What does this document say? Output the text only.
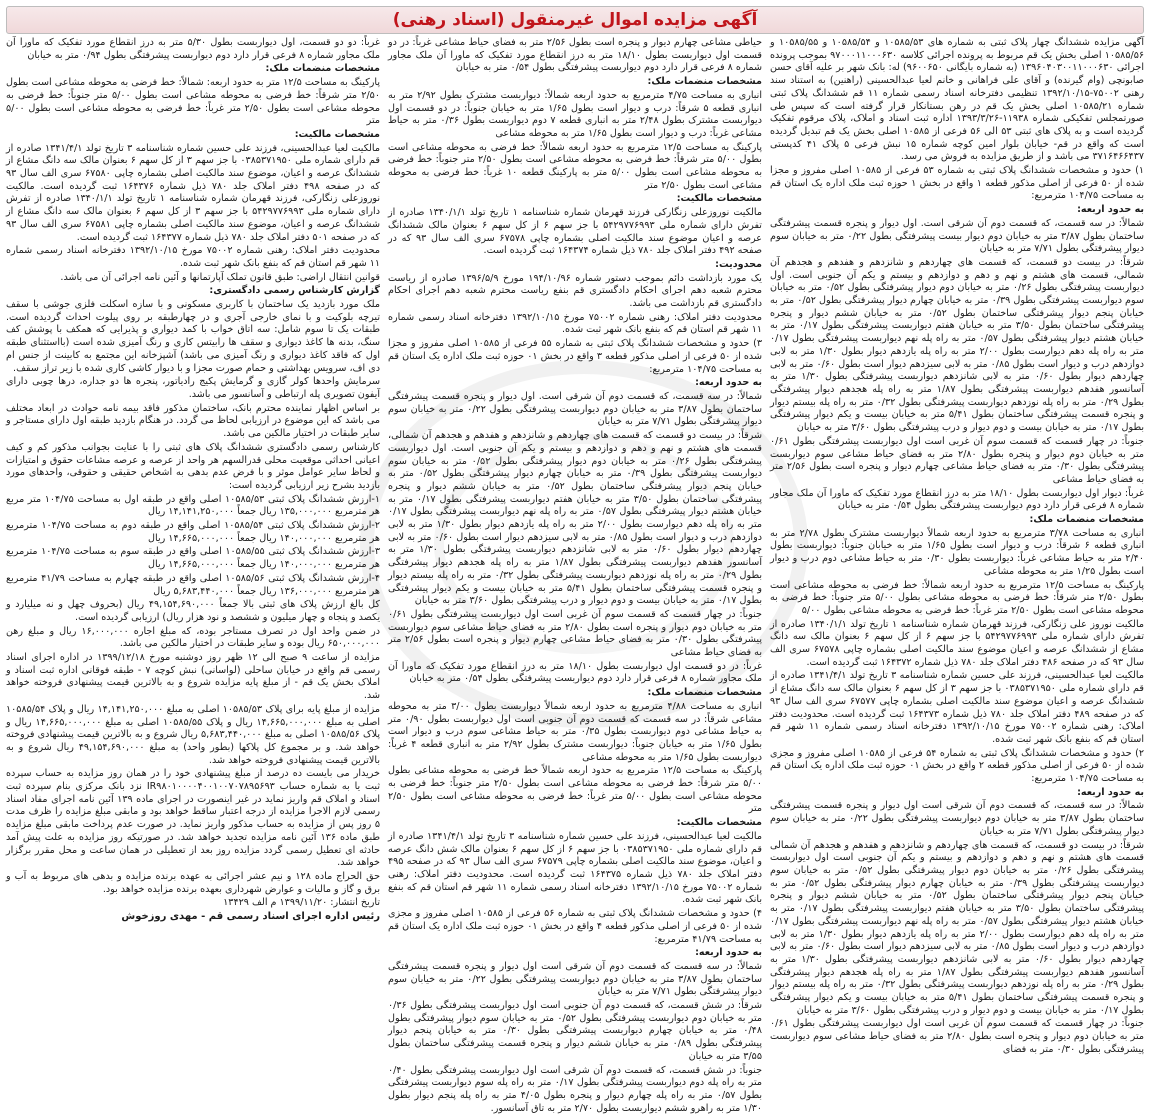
آگهی مزایده اموال غیرمنقول (اسناد رهنی)

آگهی مزایده ششدانگ چهار پلاک ثبتی به شماره های ۱۰۵۸۵/۵۳ و ۱۰۵۸۵/۵۴ و ۱۰۵۸۵/۵۵ و ۱۰۵۸۵/۵۶ اصلی بخش یک قم مربوط به پرونده اجرائی کلاسه ۹۷۰۰۰۱۱۰۰۰۶۳۰ بموجب پرونده اجرائی ۱۳۹۶۰۴۰۳۰۰۱۱۰۰۰۶۳۰ (به شماره بایگانی ۹۶۰۰۶۵۰) له: بانک شهر بر علیه آقای حسن صابونچی (وام گیرنده) و آقای علی فراهانی و خانم لعیا عبدالحسینی (راهنین) به استناد سند رهنی ۷۵۰۰۲-۱۳۹۲/۱۰/۱۵ تنظیمی دفترخانه اسناد رسمی شماره ۱۱ قم ششدانگ پلاک ثبتی شماره ۱۰۵۸۵/۲۱ اصلی بخش یک قم در رهن بستانکار قرار گرفته است که سپس طی صورتمجلس تفکیکی شماره ۱۱۹۳۸-۱۳۹۳/۳/۲۶ اداره ثبت اسناد و املاک، پلاک مرقوم تفکیک گردیده است و به پلاک های ثبتی ۵۳ الی ۵۶ فرعی از ۱۰۵۸۵ اصلی بخش یک قم تبدیل گردیده است که واقع در قم- خیابان بلوار امین کوچه شماره ۱۵ نبش فرعی ۵ پلاک ۴۱ کدپستی ۳۷۱۶۴۶۶۴۳۷ می باشد و از طریق مزایده به فروش می رسد.

۱) حدود و مشخصات ششدانگ پلاک ثبتی به شماره ۵۳ فرعی از ۱۰۵۸۵ اصلی مفروز و مجزا شده از ۵۰ فرعی از اصلی مذکور قطعه ۱ واقع در بخش ۱ حوزه ثبت ملک اداره یک استان قم به مساحت ۱۰۴/۷۵ مترمربع:

به حدود اربعه:

شمالاً: در سه قسمت، که قسمت دوم آن شرقی است. اول دیوار و پنجره قسمت پیشرفتگی ساختمان بطول ۳/۸۷ متر به خیابان دوم دیوار بیست پیشرفتگی بطول ۰/۲۲ متر به خیابان سوم دیوار پیشرفتگی بطول ۷/۷۱ متر به خیابان

شرقاً: در بیست دو قسمت، که قسمت های چهاردهم و شانزدهم و هفدهم و هجدهم آن شمالی، قسمت های هشتم و نهم و دهم و دوازدهم و بیستم و یکم آن جنوبی است. اول دیواربست پیشرفتگی بطول ۰/۲۶ متر به خیابان دوم دیوار پیشرفتگی بطول ۰/۵۲ متر به خیابان سوم دیواربست پیشرفتگی بطول ۰/۳۹ متر به خیابان چهارم دیوار پیشرفتگی بطول ۰/۵۲ متر به خیابان پنجم دیوار پیشرفتگی ساختمان بطول ۰/۵۲ متر به خیابان ششم دیوار و پنجره پیشرفتگی ساختمان بطول ۳/۵۰ متر به خیابان هفتم دیواربست پیشرفتگی بطول ۰/۱۷ متر به خیابان هشتم دیوار پیشرفتگی بطول ۰/۵۷ متر به راه پله نهم دیواربست پیشرفتگی بطول ۰/۱۷ متر به راه پله دهم دیوارست بطول ۲/۰۰ متر به راه پله یازدهم دیوار بطول ۱/۳۰ متر به لابی دوازدهم درب و دیوار است بطول ۰/۸۵ متر به لابی سیزدهم دیوار است بطول ۰/۶۰ متر به لابی چهاردهم دیوار بطول ۰/۶۰ متر به لابی شانزدهم دیواربست پیشرفتگی بطول ۱/۳۰ متر به آسانسور هفدهم دیواربست پیشرفتگی بطول ۱/۸۷ متر به راه پله هجدهم دیوار پیشرفتگی بطول ۰/۲۹ متر به راه پله نوزدهم دیواربست پیشرفتگی بطول ۰/۳۲ متر به راه پله بیستم دیوار و پنجره قسمت پیشرفتگی ساختمان بطول ۵/۴۱ متر به خیابان بیست و یکم دیوار پیشرفتگی بطول ۰/۱۷ متر به خیابان بیست و دوم دیوار و درب پیشرفتگی بطول ۳/۶۰ متر به خیابان

جنوباً: در چهار قسمت که قسمت سوم آن غربی است اول دیواربست پیشرفتگی بطول ۰/۶۱ متر به خیابان دوم دیوار و پنجره بطول ۲/۸۰ متر به فضای حیاط مشاعی سوم دیواربست پیشرفتگی بطول ۰/۳۰ متر به فضای حیاط مشاعی چهارم دیوار و پنجره است بطول ۲/۵۶ متر به فضای حیاط مشاعی

غرباً: دیوار اول دیواربست بطول ۱۸/۱۰ متر به درز انقطاع مورد تفکیک که ماورا آن ملک مجاور شماره ۸ فرعی قرار دارد دوم دیواربست پیشرفتگی بطول ۰/۵۴ متر به خیابان

مشخصات منضمات ملک:

انباری به مساحت ۳/۷۸ مترمربع به حدود اربعه شمالاً دیواربست مشترک بطول ۲/۷۸ متر به انباری قطعه ۶ شرقاً: درب و دیوار است بطول ۱/۶۵ متر به خیابان جنوباً: دیواربست بطول ۲/۴۰ متر به حیاط مشاعی غرباً: دیواربست بطول ۰/۳۰ متر به حیاط مشاعی دوم درب و دیوار است بطول ۱/۲۵ متر به محوطه مشاعی

پارکینگ به مساحت ۱۲/۵ مترمربع به حدود اربعه شمالاً: خط فرضی به محوطه مشاعی است بطول ۲/۵۰ متر شرقاً: خط فرضی به محوطه مشاعی بطول ۵/۰۰ متر جنوباً: خط فرضی به محوطه مشاعی است بطول ۲/۵۰ متر غرباً: خط فرضی به محوطه مشاعی بطول ۵/۰۰

مالکیت نوروز علی زنگارکی، فرزند قهرمان شماره شناسنامه ۱ تاریخ تولد ۱۳۴۰/۱/۱ صادره از تفرش دارای شماره ملی ۵۴۲۹۷۷۶۹۹۳ با جز سهم ۶ از کل سهم ۶ بعنوان مالک سه دانگ مشاع از ششدانگ عرصه و اعیان موضوع سند مالکیت اصلی بشماره چاپی ۶۷۵۷۸ سری الف سال ۹۳ که در صفحه ۴۸۶ دفتر املاک جلد ۷۸۰ ذیل شماره ۱۶۴۳۷۲ ثبت گردیده است.

مالکیت لعیا عبدالحسینی، فرزند علی حسین شماره شناسنامه ۳ تاریخ تولد ۱۳۴۱/۴/۱ صادره از قم دارای شماره ملی ۰۳۸۵۳۷۱۹۵۰ با جز سهم ۳ از کل سهم ۶ بعنوان مالک سه دانگ مشاع از ششدانگ عرصه و اعیان موضوع سند مالکیت اصلی بشماره چاپی ۶۷۵۷۷ سری الف سال ۹۳ که در صفحه ۴۸۹ دفتر املاک جلد ۷۸۰ ذیل شماره ۱۶۴۳۷۳ ثبت گردیده است. محدودیت دفتر املاک: رهنی شماره ۷۵۰۰۲ مورخ ۱۳۹۲/۱۰/۱۵ دفترخانه اسناد رسمی شماره ۱۱ شهر قم استان قم که بنفع بانک شهر ثبت شده.

۲) حدود و مشخصات ششدانگ پلاک ثبتی به شماره ۵۴ فرعی از ۱۰۵۸۵ اصلی مفروز و مجزی شده از ۵۰ فرعی از اصلی مذکور قطعه ۲ واقع در بخش ۰۱ حوزه ثبت ملک اداره یک استان قم به مساحت ۱۰۴/۷۵ مترمربع:

به حدود اربعه:

شمالاً: در سه قسمت، که قسمت دوم آن شرقی است اول دیوار و پنجره قسمت پیشرفتگی ساختمان بطول ۳/۸۷ متر به خیابان دوم دیواربست پیشرفتگی بطول ۰/۲۲ متر به خیابان سوم دیوار پیشرفتگی بطول ۷/۷۱ متر به خیابان

شرقاً: در بیست دو قسمت، که قسمت های چهاردهم و شانزدهم و هفدهم و هجدهم آن شمالی قسمت های هشتم و نهم و دهم و دوازدهم و بیستم و یکم آن جنوبی است اول دیواربست پیشرفتگی بطول ۰/۲۶ متر به خیابان دوم دیوار پیشرفتگی بطول ۰/۵۲ متر به خیابان سوم دیواربست پیشرفتگی بطول ۰/۳۹ متر به خیابان چهارم دیوار پیشرفتگی بطول ۰/۵۲ متر به خیابان پنجم دیوار پیشرفتگی ساختمان بطول ۰/۵۲ متر به خیابان ششم دیوار و پنجره پیشرفتگی ساختمان بطول ۳/۵۰ متر به خیابان هفتم دیواربست پیشرفتگی بطول ۰/۱۷ متر به خیابان هشتم دیوار پیشرفتگی بطول ۰/۵۷ متر به راه پله نهم دیواربست پیشرفتگی بطول ۰/۱۷ متر به راه پله دهم دیوارست بطول ۲/۰۰ متر به راه پله یازدهم دیوار بطول ۱/۳۰ متر به لابی دوازدهم درب و دیوار است بطول ۰/۸۵ متر به لابی سیزدهم دیوار است بطول ۰/۶۰ متر به لابی چهاردهم دیوار بطول ۰/۶۰ متر به لابی شانزدهم دیواربست پیشرفتگی بطول ۱/۳۰ متر به آسانسور هفدهم دیواربست پیشرفتگی بطول ۱/۸۷ متر به راه پله هجدهم دیوار پیشرفتگی بطول ۰/۲۹ متر به راه پله نوزدهم دیواربست پیشرفتگی بطول ۰/۳۲ متر به راه پله بیستم دیوار و پنجره قسمت پیشرفتگی ساختمان بطول ۵/۴۱ متر به خیابان بیست و یکم دیوار پیشرفتگی بطول ۰/۱۷ متر به خیابان بیست و دوم دیوار و درب پیشرفتگی بطول ۳/۶۰ متر به خیابان

جنوباً: در چهار قسمت که قسمت سوم آن غربی است اول دیواربست پیشرفتگی بطول ۰/۶۱ متر به خیابان دوم دیوار و پنجره است بطول ۲/۸۰ متر به فضای حیاط مشاعی سوم دیواربست پیشرفتگی بطول ۰/۳۰ متر به فضای

حیاطی مشاعی چهارم دیوار و پنجره است بطول ۲/۵۶ متر به فضای حیاط مشاعی غرباً: در دو قسمت اول دیواربست بطول ۱۸/۱۰ متر به درز انقطاع مورد تفکیک که ماورا آن ملک مجاور شماره ۸ فرعی قرار دارد دوم دیواربست پیشرفتگی بطول ۰/۵۴ متر به خیابان

مشخصات منضمات ملک:

انباری به مساحت ۴/۷۵ مترمربع به حدود اربعه شمالاً: دیواربست مشترک بطول ۲/۹۲ متر به انباری قطعه ۵ شرقاً: درب و دیوار است بطول ۱/۶۵ متر به خیابان جنوباً: در دو قسمت اول دیواربست مشترک بطول ۲/۴۸ متر به انباری قطعه ۷ دوم دیواربست بطول ۰/۳۶ متر به حیاط مشاعی غرباً: درب و دیوار است بطول ۱/۶۵ متر به محوطه مشاعی

پارکینگ به مساحت ۱۲/۵ مترمربع به حدود اربعه شمالاً: خط فرضی به محوطه مشاعی است بطول ۵/۰۰ متر شرقاً: خط فرضی به محوطه مشاعی است بطول ۲/۵۰ متر جنوباً: خط فرضی به محوطه مشاعی است بطول ۵/۰۰ متر به پارکینگ قطعه ۱۰ غرباً: خط فرضی به محوطه مشاعی است بطول ۲/۵۰ متر

مشخصات مالکیت:

مالکیت نوروزعلی زنگارکی فرزند قهرمان شماره شناسنامه ۱ تاریخ تولد ۱۳۴۰/۱/۱ صادره از تفرش دارای شماره ملی ۵۴۲۹۷۷۶۹۹۳ با جز سهم ۶ از کل سهم ۶ بعنوان مالک ششدانگ عرصه و اعیان موضوع سند مالکیت اصلی بشماره چاپی ۶۷۵۷۸ سری الف سال ۹۳ که در صفحه ۴۹۲ دفتر املاک جلد ۷۸۰ ذیل شماره ۱۶۴۳۷۴ ثبت گردیده است.

محدودیت:

یک مورد بازداشت دائم بموجب دستور شماره ۱۹۴/۱۰/۹۶ مورخ ۱۳۹۶/۵/۹ صادره از ریاست محترم شعبه دهم اجرای احکام دادگستری قم بنفع ریاست محترم شعبه دهم اجرای احکام دادگستری قم بازداشت می باشد.

محدودیت دفتر املاک: رهنی شماره ۷۵۰۰۲ مورخ ۱۳۹۲/۱۰/۱۵ دفترخانه اسناد رسمی شماره ۱۱ شهر قم استان قم که بنفع بانک شهر ثبت شده.

۳) حدود و مشخصات ششدانگ پلاک ثبتی به شماره ۵۵ فرعی از ۱۰۵۸۵ اصلی مفروز و مجزا شده از ۵۰ فرعی از اصلی مذکور قطعه ۳ واقع در بخش ۰۱ حوزه ثبت ملک اداره یک استان قم به مساحت ۱۰۴/۷۵ مترمربع:

به حدود اربعه:

شمالاً: در سه قسمت، که قسمت دوم آن شرقی است. اول دیوار و پنجره قسمت پیشرفتگی ساختمان بطول ۳/۸۷ متر به خیابان دوم دیواربست پیشرفتگی بطول ۰/۲۲ متر به خیابان سوم دیوار پیشرفتگی بطول ۷/۷۱ متر به خیابان

شرقاً: در بیست دو قسمت که قسمت های چهاردهم و شانزدهم و هفدهم و هجدهم آن شمالی، قسمت های هشتم و نهم و دهم و دوازدهم و بیستم و یکم آن جنوبی است. اول دیواربست پیشرفتگی بطول ۰/۲۶ متر به خیابان دوم دیوار پیشرفتگی بطول ۰/۵۲ متر به خیابان سوم دیواربست پیشرفتگی بطول ۰/۳۹ متر به خیابان چهارم دیوار پیشرفتگی بطول ۰/۵۲ متر به خیابان پنجم دیوار پیشرفتگی ساختمان بطول ۰/۵۲ متر به خیابان ششم دیوار و پنجره پیشرفتگی ساختمان بطول ۳/۵۰ متر به خیابان هفتم دیواربست پیشرفتگی بطول ۰/۱۷ متر به خیابان هشتم دیوار پیشرفتگی بطول ۰/۵۷ متر به راه پله نهم دیواربست پیشرفتگی بطول ۰/۱۷ متر به راه پله دهم دیوارست بطول ۲/۰۰ متر به راه پله یازدهم دیوار بطول ۱/۳۰ متر به لابی دوازدهم درب و دیوار است بطول ۰/۸۵ متر به لابی سیزدهم دیوار است بطول ۰/۶۰ متر به لابی چهاردهم دیوار بطول ۰/۶۰ متر به لابی شانزدهم دیواربست پیشرفتگی بطول ۱/۳۰ متر به آسانسور هفدهم دیواربست پیشرفتگی بطول ۱/۸۷ متر به راه پله هجدهم دیوار پیشرفتگی بطول ۰/۲۹ متر به راه پله نوزدهم دیواربست پیشرفتگی بطول ۰/۳۲ متر به راه پله بیستم دیوار و پنجره قسمت پیشرفتگی ساختمان بطول ۵/۴۱ متر به خیابان بیست و یکم دیوار پیشرفتگی بطول ۰/۱۷ متر به خیابان بیست و دوم دیوار و درب پیشرفتگی بطول ۳/۶۰ متر به خیابان

جنوباً: در چهار قسمت که قسمت سوم آن غربی است اول دیواربست پیشرفتگی بطول ۰/۶۱ متر به خیابان دوم دیوار و پنجره است بطول ۲/۸۰ متر به فضای حیاط مشاعی سوم دیواربست پیشرفتگی بطول ۰/۳۰ متر به فضای حیاط مشاعی چهارم دیوار و پنجره است بطول ۲/۵۶ متر به فضای حیاط مشاعی

غرباً: در دو قسمت اول دیواربست بطول ۱۸/۱۰ متر به درز انقطاع مورد تفکیک که ماورا آن ملک مجاور شماره ۸ فرعی قرار دارد دوم دیواربست پیشرفتگی بطول ۰/۵۴ متر به خیابان

مشخصات منضمات ملک:

انباری به مساحت ۴/۸۸ مترمربع به حدود اربعه شمالاً دیواربست بطول ۳/۰۰ متر به محوطه مشاعی شرقاً: در سه قسمت که قسمت دوم آن جنوبی است اول دیواربست بطول ۰/۹۰ متر به حیاط مشاعی دوم دیواربست بطول ۰/۳۵ متر به حیاط مشاعی سوم درب و دیوار است بطول ۱/۶۵ متر به خیابان جنوباً: دیواربست مشترک بطول ۲/۹۲ متر به انباری قطعه ۴ غرباً: دیواربست بطول ۱/۶۵ متر به محوطه مشاعی

پارکینگ به مساحت ۱۲/۵ مترمربع به حدود اربعه شمالاً خط فرضی به محوطه مشاعی بطول ۵/۰۰ متر شرقاً: خط فرضی به محوطه مشاعی است بطول ۲/۵۰ متر جنوباً: خط فرضی به محوطه مشاعی است بطول ۵/۰۰ متر غرباً: خط فرضی به محوطه مشاعی است بطول ۲/۵۰ متر

مشخصات مالکیت:

مالکیت لعیا عبدالحسینی، فرزند علی حسین شماره شناسنامه ۳ تاریخ تولد ۱۳۴۱/۴/۱ صادره از قم دارای شماره ملی ۰۳۸۵۳۷۱۹۵۰ با جز سهم ۶ از کل سهم ۶ بعنوان مالک شش دانگ عرصه و اعیان، موضوع سند مالکیت اصلی بشماره چاپی ۶۷۵۷۹ سری الف سال ۹۳ که در صفحه ۴۹۵ دفتر املاک جلد ۷۸۰ ذیل شماره ۱۶۴۳۷۵ ثبت گردیده است. محدودیت دفتر املاک: رهنی شماره ۷۵۰۰۲ مورخ ۱۳۹۲/۱۰/۱۵ دفترخانه اسناد رسمی شماره ۱۱ شهر قم استان قم که بنفع بانک شهر ثبت شده.

۴) حدود و مشخصات ششدانگ پلاک ثبتی به شماره ۵۶ فرعی از ۱۰۵۸۵ اصلی مفروز و مجزی شده از ۵۰ فرعی از اصلی مذکور قطعه ۴ واقع در بخش ۰۱ حوزه ثبت ملک اداره یک استان قم به مساحت ۴۱/۷۹ مترمربع:

به حدود اربعه:

شمالاً: در سه قسمت که قسمت دوم آن شرقی است اول دیوار و پنجره قسمت پیشرفتگی ساختمان بطول ۳/۸۷ متر به خیابان دوم دیواربست پیشرفتگی بطول ۰/۲۲ متر به خیابان سوم دیوار پیشرفتگی بطول ۷/۷۱ متر به خیابان

شرقاً: در شش قسمت، که قسمت دوم آن جنوبی است اول دیواربست پیشرفتگی بطول ۰/۳۶ متر به خیابان دوم دیواربست پیشرفتگی بطول ۰/۵۲ متر به خیابان سوم دیوار پیشرفتگی بطول ۰/۴۸ متر به خیابان چهارم دیواربست پیشرفتگی بطول ۰/۳۰ متر به خیابان پنجم دیوار پیشرفتگی بطول ۰/۸۹ متر به خیابان ششم دیوار و پنجره قسمت پیشرفتگی ساختمان بطول ۳/۵۵ متر به خیابان

جنوباً: در شش قسمت، که قسمت دوم آن شرقی است اول دیواربست پیشرفتگی بطول ۰/۴۰ متر به راه پله دوم دیواربست پیشرفتگی بطول ۰/۱۷ متر به راه پله سوم دیواربست پیشرفتگی بطول ۰/۵۷ متر به راه پله چهارم دیوار و پنجره بطول ۴/۰۵ متر به راه پله پنجم دیوار بطول ۱/۳۰ متر به راهرو ششم دیواربست بطول ۲/۷۰ متر به تاق آسانسور.

غرباً: دو دو قسمت، اول دیواربست بطول ۵/۳۰ متر به درز انقطاع مورد تفکیک که ماورا آن ملک مجاور شماره ۸ فرعی قرار دارد دوم دیواربست پیشرفتگی بطول ۰/۹۴ متر به خیابان

مشخصات منضمات ملک:

پارکینگ به مساحت ۱۲/۵ متر به حدود اربعه: شمالاً: خط فرضی به محوطه مشاعی است بطول ۲/۵۰ متر شرقاً: خط فرضی به محوطه مشاعی است بطول ۵/۰۰ متر جنوباً: خط فرضی به محوطه مشاعی است بطول ۲/۵۰ متر غرباً: خط فرضی به محوطه مشاعی است بطول ۵/۰۰ متر

مشخصات مالکیت:

مالکیت لعیا عبدالحسینی، فرزند علی حسین شماره شناسنامه ۳ تاریخ تولد ۱۳۴۱/۴/۱ صادره از قم دارای شماره ملی ۰۳۸۵۳۷۱۹۵۰ با جز سهم ۳ از کل سهم ۶ بعنوان مالک سه دانگ مشاع از ششدانگ عرصه و اعیان، موضوع سند مالکیت اصلی بشماره چاپی ۶۷۵۸۰ سری الف سال ۹۳ که در صفحه ۴۹۸ دفتر املاک جلد ۷۸۰ ذیل شماره ۱۶۴۳۷۶ ثبت گردیده است. مالکیت نوروزعلی زنگارکی، فرزند قهرمان شماره شناسنامه ۱ تاریخ تولد ۱۳۴۰/۱/۱ صادره از تفرش دارای شماره ملی ۵۴۲۹۷۷۶۹۹۳ با جز سهم ۳ از کل سهم ۶ بعنوان مالک سه دانگ مشاع از ششدانگ عرصه و اعیان، موضوع سند مالکیت اصلی بشماره چاپی ۶۷۵۸۱ سری الف سال ۹۳ که در صفحه ۵۰۱ دفتر املاک جلد ۷۸۰ ذیل شماره ۱۶۴۳۷۷ ثبت گردیده است.

محدودیت دفتر املاک: رهنی شماره ۷۵۰۰۲ مورخ ۱۳۹۲/۱۰/۱۵ دفترخانه اسناد رسمی شماره ۱۱ شهر قم استان قم که بنفع بانک شهر ثبت شده.

قوانین انتقال اراضی: طبق قانون تملک آپارتمانها و آئین نامه اجرائی آن می باشد.

گزارش کارشناس رسمی دادگستری:

ملک مورد بازدید یک ساختمان با کاربری مسکونی و با سازه اسکلت فلزی جوشی با سقف تیرچه بلوکیت و با نمای خارجی آجری و در چهارطبقه بر روی پیلوت احداث گردیده است. طبقات یک تا سوم شامل: سه اتاق خواب با کمد دیواری و پذیرایی که همکف با پوشش کف سنگ، بدنه ها کاغذ دیواری و سقف ها رابیتس کاری و رنگ آمیزی شده است (بااستثنای طبقه اول که فاقد کاغذ دیواری و رنگ آمیزی می باشد) آشپزخانه این مجتمع به کابینت از جنس ام دی اف، سرویس بهداشتی و حمام صورت مجزا و با دیوار کاشی کاری شده با زیر تراز سقف.

سرمایش واحدها کولر گازی و گرمایش پکیج رادیاتور، پنجره ها دو جداره، درها چوبی دارای آیفون تصویری پله ارتباطی و آسانسور می باشد.

بر اساس اظهار نماینده محترم بانک، ساختمان مذکور فاقد بیمه نامه حوادث در ابعاد مختلف می باشد که این موضوع در ارزیابی لحاظ می گردد. در هنگام بازدید طبقه اول دارای مستاجر و سایر طبقات در اختیار مالکین می باشد.

کارشناس رسمی دادگستری ششدانگ پلاک های ثبتی را با عنایت بجوانب مذکور کم و کیف اعیانی احداثی موقعیت محلی قدرالسهم هر واحد از عرصه و عرصه مشاعات حقوق و امتیازات و لحاظ سایر عوامل موثر و با فرض عدم بدهی به اشخاص حقیقی و حقوقی، واحدهای مورد بازدید بشرح زیر ارزیابی گردیده است:

۱-ارزش ششدانگ پلاک ثبتی ۱۰۵۸۵/۵۳ اصلی واقع در طبقه اول به مساحت ۱۰۴/۷۵ متر مربع هر مترمربع ۱۳۵,۰۰۰,۰۰۰ ریال جمعاً ۱۴,۱۴۱,۲۵۰,۰۰۰ ریال

۲-ارزش ششدانگ پلاک ثبتی ۱۰۵۸۵/۵۴ اصلی واقع در طبقه دوم به مساحت ۱۰۴/۷۵ مترمربع هر مترمربع ۱۴۰,۰۰۰,۰۰۰ ریال جمعاً ۱۴,۶۶۵,۰۰۰,۰۰۰ ریال

۳-ارزش ششدانگ پلاک ثبتی ۱۰۵۸۵/۵۵ اصلی واقع در طبقه سوم به مساحت ۱۰۴/۷۵ مترمربع هر مترمربع ۱۴۰,۰۰۰,۰۰۰ ریال جمعاً ۱۴,۶۶۵,۰۰۰,۰۰۰ ریال

۴-ارزش ششدانگ پلاک ثبتی ۱۰۵۸۵/۵۶ اصلی واقع در طبقه چهارم به مساحت ۴۱/۷۹ مترمربع هر مترمربع ۱۳۶,۰۰۰,۰۰۰ ریال جمعاً ۵,۶۸۳,۴۴۰,۰۰۰ ریال

کل بالغ ارزش پلاک های ثبتی بالا جمعاً ۴۹,۱۵۴,۶۹۰,۰۰۰ ریال (بحروف چهل و نه میلیارد و یکصد و پنجاه و چهار میلیون و ششصد و نود هزار ریال) ارزیابی گردیده است.

در ضمن واحد اول در تصرف مستاجر بوده، که مبلغ اجاره ۱۶,۰۰۰,۰۰۰ ریال و مبلغ رهن ۶۵۰,۰۰۰,۰۰۰ ریال بوده و سایر طبقات در اختیار مالکین می باشد.

مزایده از ساعت ۹ صبح الی ۱۲ ظهر روز دوشنبه مورخ ۱۳۹۹/۱۲/۱۸ در اداره اجرای اسناد رسمی قم واقع در خیابان ساحلی (لواسانی) نبش کوچه ۷ - طبقه فوقانی اداره ثبت اسناد و املاک بخش یک قم - از مبلغ پایه مزایده شروع و به بالاترین قیمت پیشنهادی فروخته خواهد شد.

مزایده از مبلغ پایه برای پلاک ۱۰۵۸۵/۵۳ اصلی به مبلغ ۱۴,۱۴۱,۲۵۰,۰۰۰ ریال و پلاک ۱۰۵۸۵/۵۴ اصلی به مبلغ ۱۴,۶۶۵,۰۰۰,۰۰۰ ریال و پلاک ۱۰۵۸۵/۵۵ اصلی به مبلغ ۱۴,۶۶۵,۰۰۰,۰۰۰ ریال و پلاک ۱۰۵۸۵/۵۶ اصلی به مبلغ ۵,۶۸۳,۴۴۰,۰۰۰ ریال شروع و به بالاترین قیمت پیشنهادی فروخته خواهد شد. و بر مجموع کل پلاکها (بطور واحد) به مبلغ ۴۹,۱۵۴,۶۹۰,۰۰۰ ریال شروع و به بالاترین قیمت پیشنهادی فروخته خواهد شد.

خریدار می بایست ده درصد از مبلغ پیشنهادی خود را در همان روز مزایده به حساب سپرده ثبت یا به شماره حساب IR۹۸۰۱۰۰۰۰۴۰۰۱۰۰۷۰۷۸۹۵۶۹۳ نزد بانک مرکزی بنام سپرده ثبت اسناد و املاک قم واریز نماید در غیر اینصورت در اجرای ماده ۱۳۹ آئین نامه اجرای مفاد اسناد رسمی لازم الاجرا مزایده از درجه اعتبار ساقط خواهد بود و مابقی مبلغ مزایده را ظرف مدت ۵ روز پس از مزایده به حساب مذکور واریز نماید. در صورت عدم پرداخت مابقی مبلغ مزایده طبق ماده ۱۳۶ آئین نامه مزایده تجدید خواهد شد. در صورتیکه روز مزایده به علت پیش آمد حادثه ای تعطیل رسمی گردد مزایده روز بعد از تعطیلی در همان ساعت و محل مقرر برگزار خواهد شد.

حق الحراج ماده ۱۲۸ و نیم عشر اجرائی به عهده برنده مزایده و بدهی های مربوط به آب و برق و گاز و مالیات و عوارض شهرداری بعهده برنده مزایده خواهد بود.

تاریخ انتشار: ۱۳۹۹/۱۱/۲۰ م الف ۱۳۴۲۹

رئیس اداره اجرای اسناد رسمی قم - مهدی روزخوش
